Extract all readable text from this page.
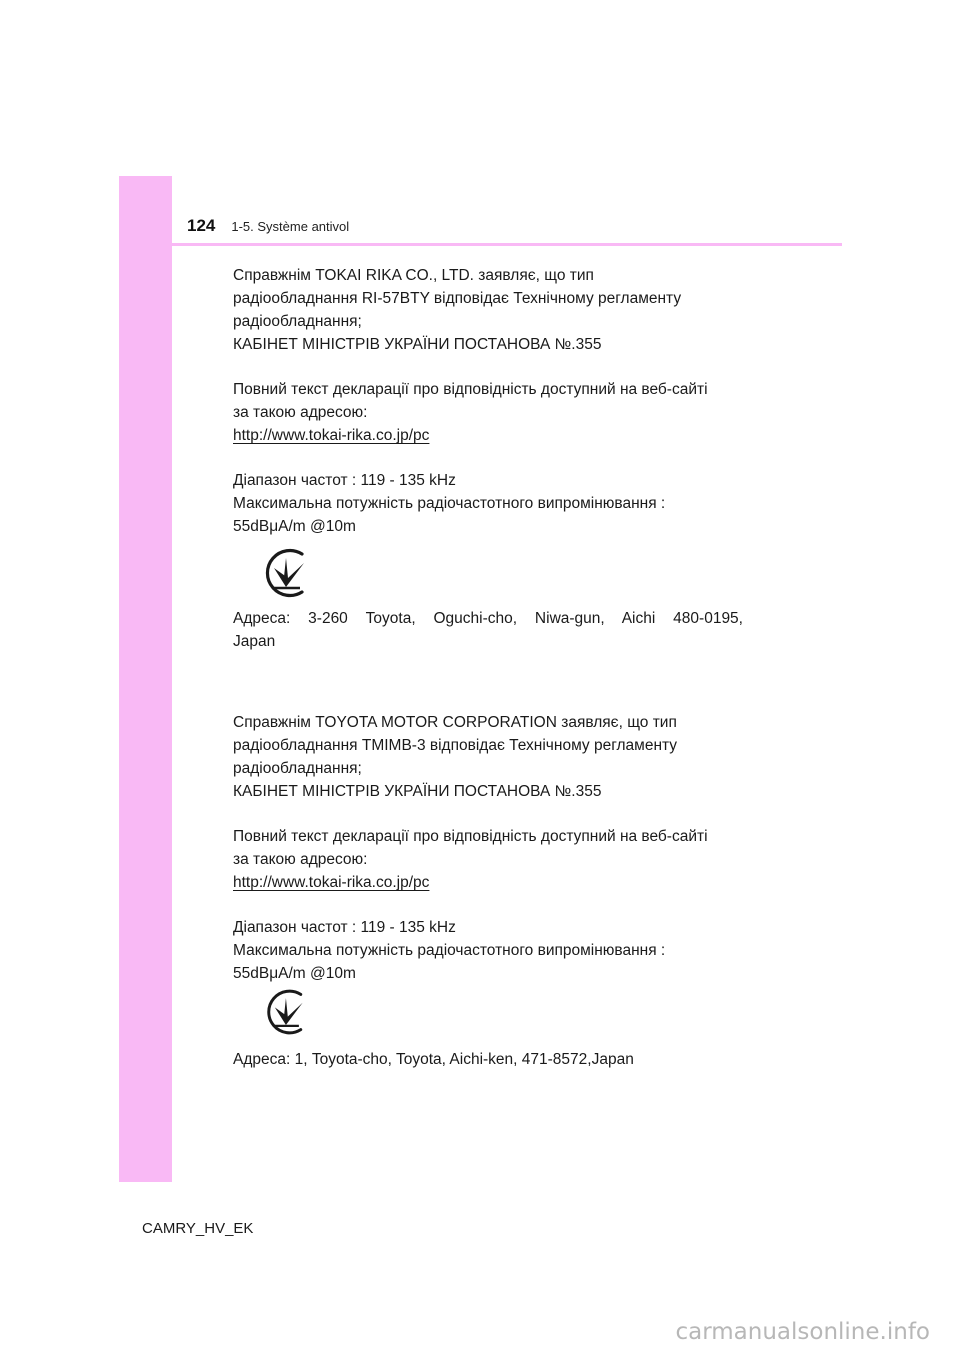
124 1-5. Système antivol
Справжнім TOKAI RIKA CO., LTD. заявляє, що тип
радіообладнання RI-57BTY відповідає Технічному регламенту
радіообладнання;
КАБІНЕТ МІНІСТРІВ УКРАЇНИ ПОСТАНОВА №.355
Повний текст декларації про відповідність доступний на веб-сайті
за такою адресою:
http://www.tokai-rika.co.jp/pc
Діапазон частот : 119 - 135 kHz
Максимальна потужність радіочастотного випромінювання :
55dBμA/m @10m
Адреса: 3-260 Toyota, Oguchi-cho, Niwa-gun, Aichi 480-0195,
Japan
Справжнім TOYOTA MOTOR CORPORATION заявляє, що тип
радіообладнання TMIMB-3 відповідає Технічному регламенту
радіообладнання;
КАБІНЕТ МІНІСТРІВ УКРАЇНИ ПОСТАНОВА №.355
Повний текст декларації про відповідність доступний на веб-сайті
за такою адресою:
http://www.tokai-rika.co.jp/pc
Діапазон частот : 119 - 135 kHz
Максимальна потужність радіочастотного випромінювання :
55dBμA/m @10m
Адреса: 1, Toyota-cho, Toyota, Aichi-ken, 471-8572,Japan
CAMRY_HV_EK
carmanualsonline.info
